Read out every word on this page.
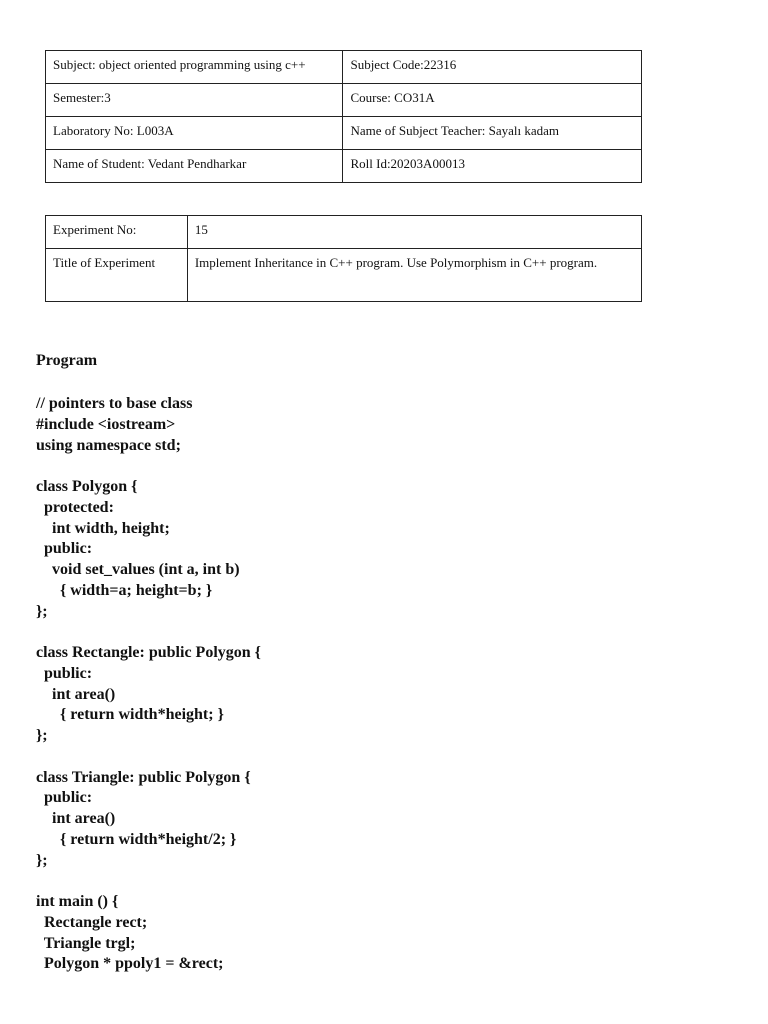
Subject: object oriented programming using c++	Subject Code:22316
Semester:3	Course: CO31A
Laboratory No: L003A	Name of Subject Teacher: Sayalı kadam
Name of Student: Vedant Pendharkar	Roll Id:20203A00013
Experiment No:	15
Title of Experiment	Implement Inheritance in C++ program. Use Polymorphism in C++ program.

Program

// pointers to base class
#include <iostream>
using namespace std;
class Polygon {
protected:
int width, height;
public:
void set_values (int a, int b)
{ width=a; height=b; }
};
class Rectangle: public Polygon {
public:
int area()
{ return width*height; }
};
class Triangle: public Polygon {
public:
int area()
{ return width*height/2; }
};
int main () {
Rectangle rect;
Triangle trgl;
Polygon * ppoly1 = &rect;
